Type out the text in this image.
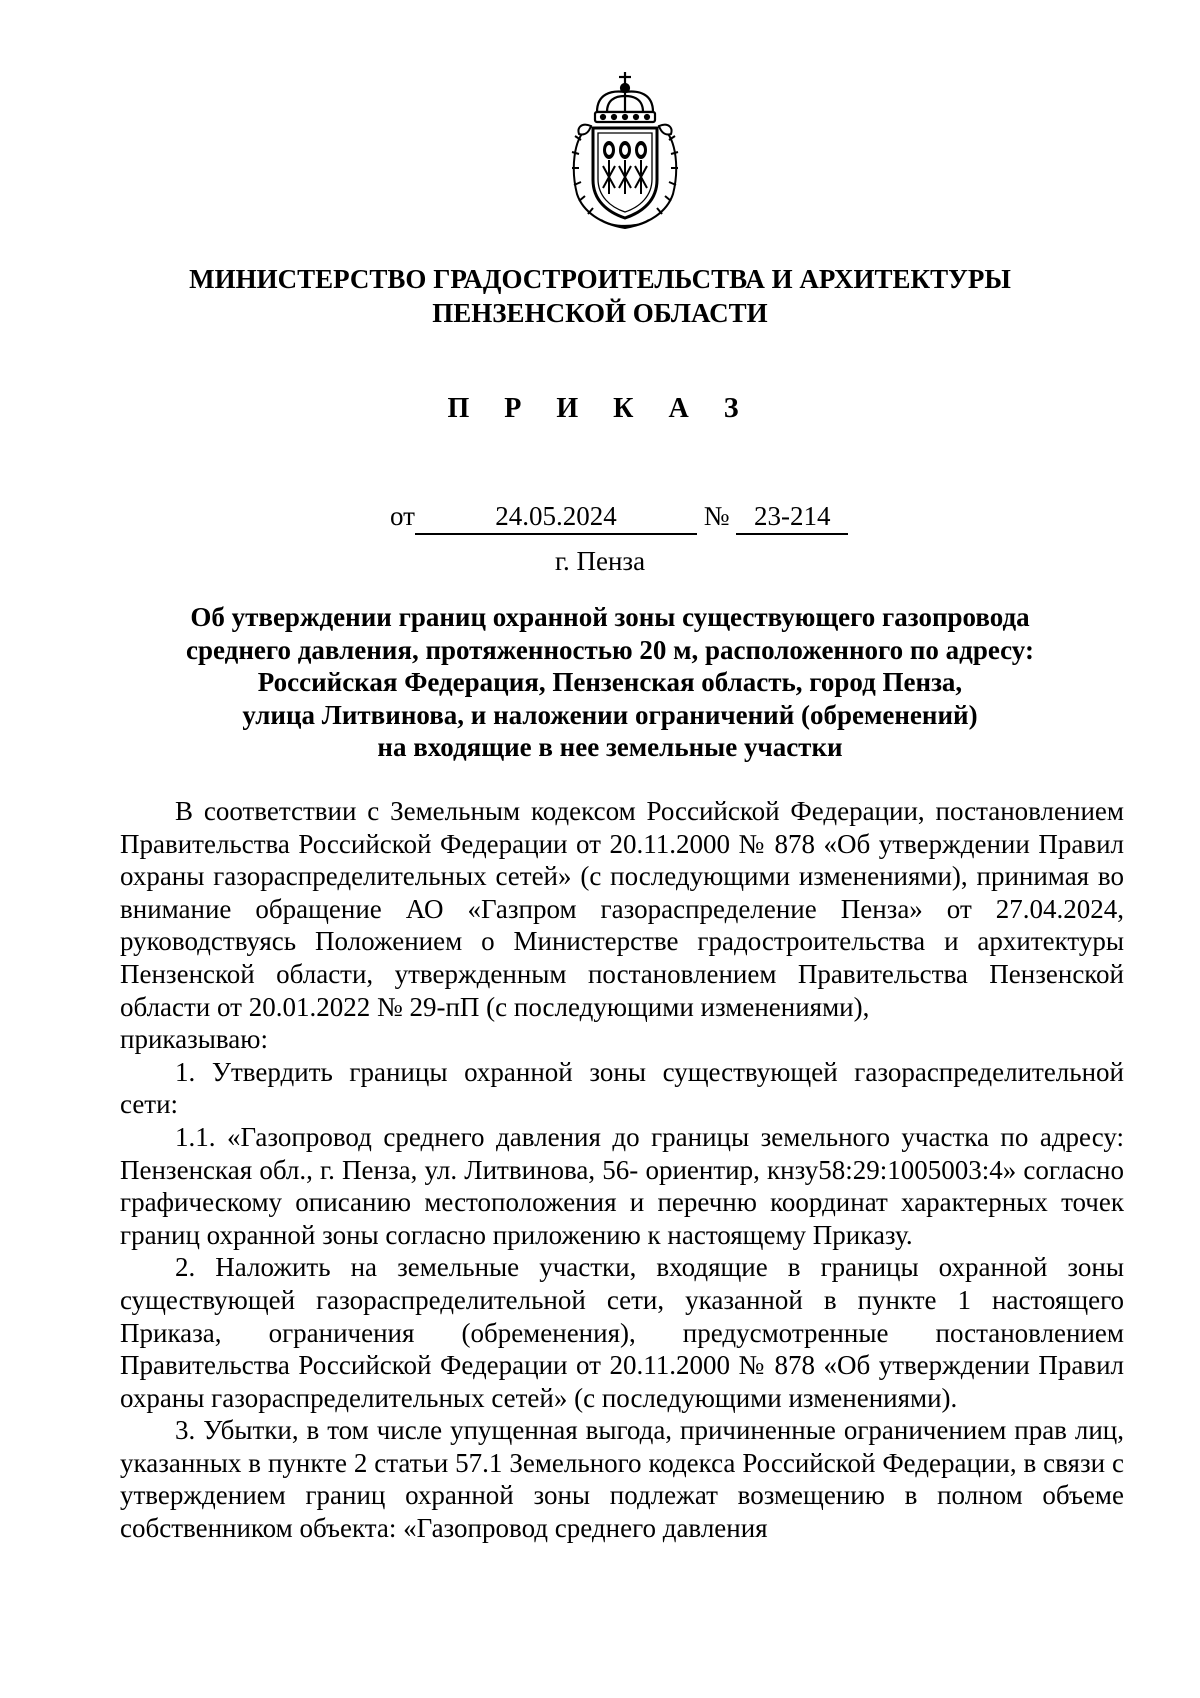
МИНИСТЕРСТВО ГРАДОСТРОИТЕЛЬСТВА И АРХИТЕКТУРЫ
ПЕНЗЕНСКОЙ ОБЛАСТИ
П Р И К А З
от	24.05.2024	№ 23-214
г. Пенза
Об утверждении границ охранной зоны существующего газопровода
среднего давления, протяженностью 20 м, расположенного по адресу:
Российская Федерация, Пензенская область, город Пенза,
улица Литвинова, и наложении ограничений (обременений)
на входящие в нее земельные участки

В соответствии с Земельным кодексом Российской Федерации, постановлением Правительства Российской Федерации от 20.11.2000 № 878 «Об утверждении Правил охраны газораспределительных сетей» (с последующими изменениями), принимая во внимание обращение АО «Газпром газораспределение Пенза» от 27.04.2024, руководствуясь Положением о Министерстве градостроительства и архитектуры Пензенской области, утвержденным постановлением Правительства Пензенской области от 20.01.2022 № 29-пП (с последующими изменениями),

приказываю:

1. Утвердить границы охранной зоны существующей газораспределительной сети:

1.1. «Газопровод среднего давления до границы земельного участка по адресу: Пензенская обл., г. Пенза, ул. Литвинова, 56- ориентир, кнзу58:29:1005003:4» согласно графическому описанию местоположения и перечню координат характерных точек границ охранной зоны согласно приложению к настоящему Приказу.

2. Наложить на земельные участки, входящие в границы охранной зоны существующей газораспределительной сети, указанной в пункте 1 настоящего Приказа, ограничения (обременения), предусмотренные постановлением Правительства Российской Федерации от 20.11.2000 № 878 «Об утверждении Правил охраны газораспределительных сетей» (с последующими изменениями).

3. Убытки, в том числе упущенная выгода, причиненные ограничением прав лиц, указанных в пункте 2 статьи 57.1 Земельного кодекса Российской Федерации, в связи с утверждением границ охранной зоны подлежат возмещению в полном объеме собственником объекта: «Газопровод среднего давления
